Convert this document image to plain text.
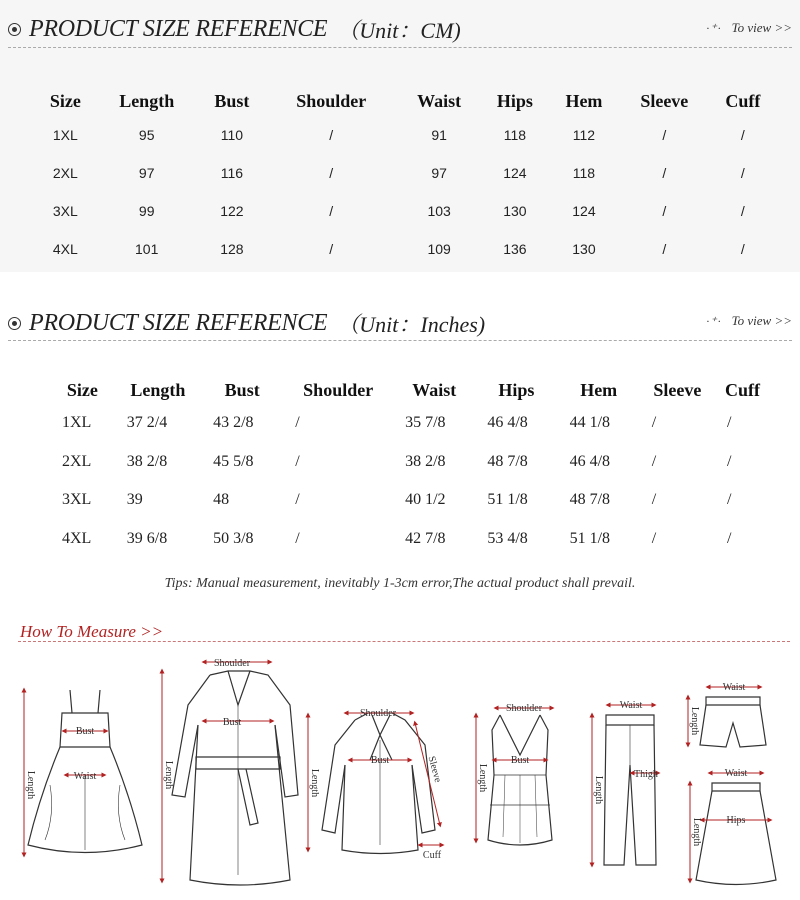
PRODUCT SIZE REFERENCE （Unit：CM)	·⁺· To view >>
Size	Length	Bust	Shoulder	Waist	Hips	Hem	Sleeve	Cuff
1XL	95	110	/	91	118	112	/	/
2XL	97	116	/	97	124	118	/	/
3XL	99	122	/	103	130	124	/	/
4XL	101	128	/	109	136	130	/	/
PRODUCT SIZE REFERENCE （Unit：Inches)	·⁺· To view >>
Size	Length	Bust	Shoulder	Waist	Hips	Hem	Sleeve	Cuff
1XL	37 2/4	43 2/8	/	35 7/8	46 4/8	44 1/8	/	/
2XL	38 2/8	45 5/8	/	38 2/8	48 7/8	46 4/8	/	/
3XL	39	48	/	40 1/2	51 1/8	48 7/8	/	/
4XL	39 6/8	50 3/8	/	42 7/8	53 4/8	51 1/8	/	/
Tips: Manual measurement, inevitably 1-3cm error,The actual product shall prevail.
How To Measure >>
Length
Bust
Waist	Length
Shoulder
Bust
Length
Shoulder
Bust	Sleeve
Cuff
Length
Shoulder
Bust
Length
Waist
Thigh
Length
Waist
Waist
Length Hips
